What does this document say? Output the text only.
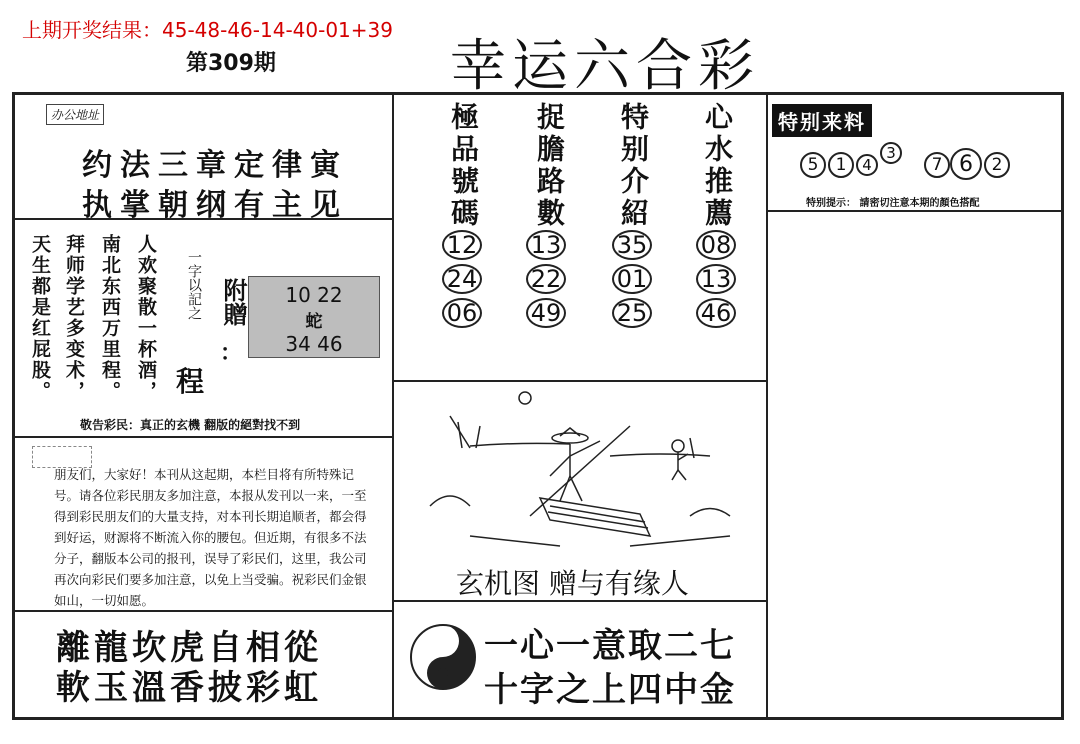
上期开奖结果：45-48-46-14-40-01+39
第309期	幸运六合彩
办公地址
约法三章定律寅
执掌朝纲有主见
人欢聚散一杯酒，
南北东西万里程。
拜师学艺多变术，
天生都是红屁股。	一字以記之 附贈
：
程
10 22
蛇
34 46
敬告彩民：真正的玄機 翻版的絕對找不到
朋友们，大家好！本刊从这起期，本栏目将有所特殊记号。请各位彩民朋友多加注意，本报从发刊以一来，一至得到彩民朋友们的大量支持，对本刊长期追顺者，都会得到好运，财源将不断流入你的腰包。但近期，有很多不法分子，翻版本公司的报刊，误导了彩民们，这里，我公司再次向彩民们要多加注意，以免上当受骗。祝彩民们金银如山，一切如愿。
離龍坎虎自相從
軟玉溫香披彩虹
極品號碼 捉膽路數 特别介紹 心水推薦
12 13 35 08
24 22 01 13
06 49 25 46
玄机图 赠与有缘人
一心一意取二七
十字之上四中金
特别来料
5	1	4
3
7 6	2
特别提示： 請密切注意本期的顏色搭配
